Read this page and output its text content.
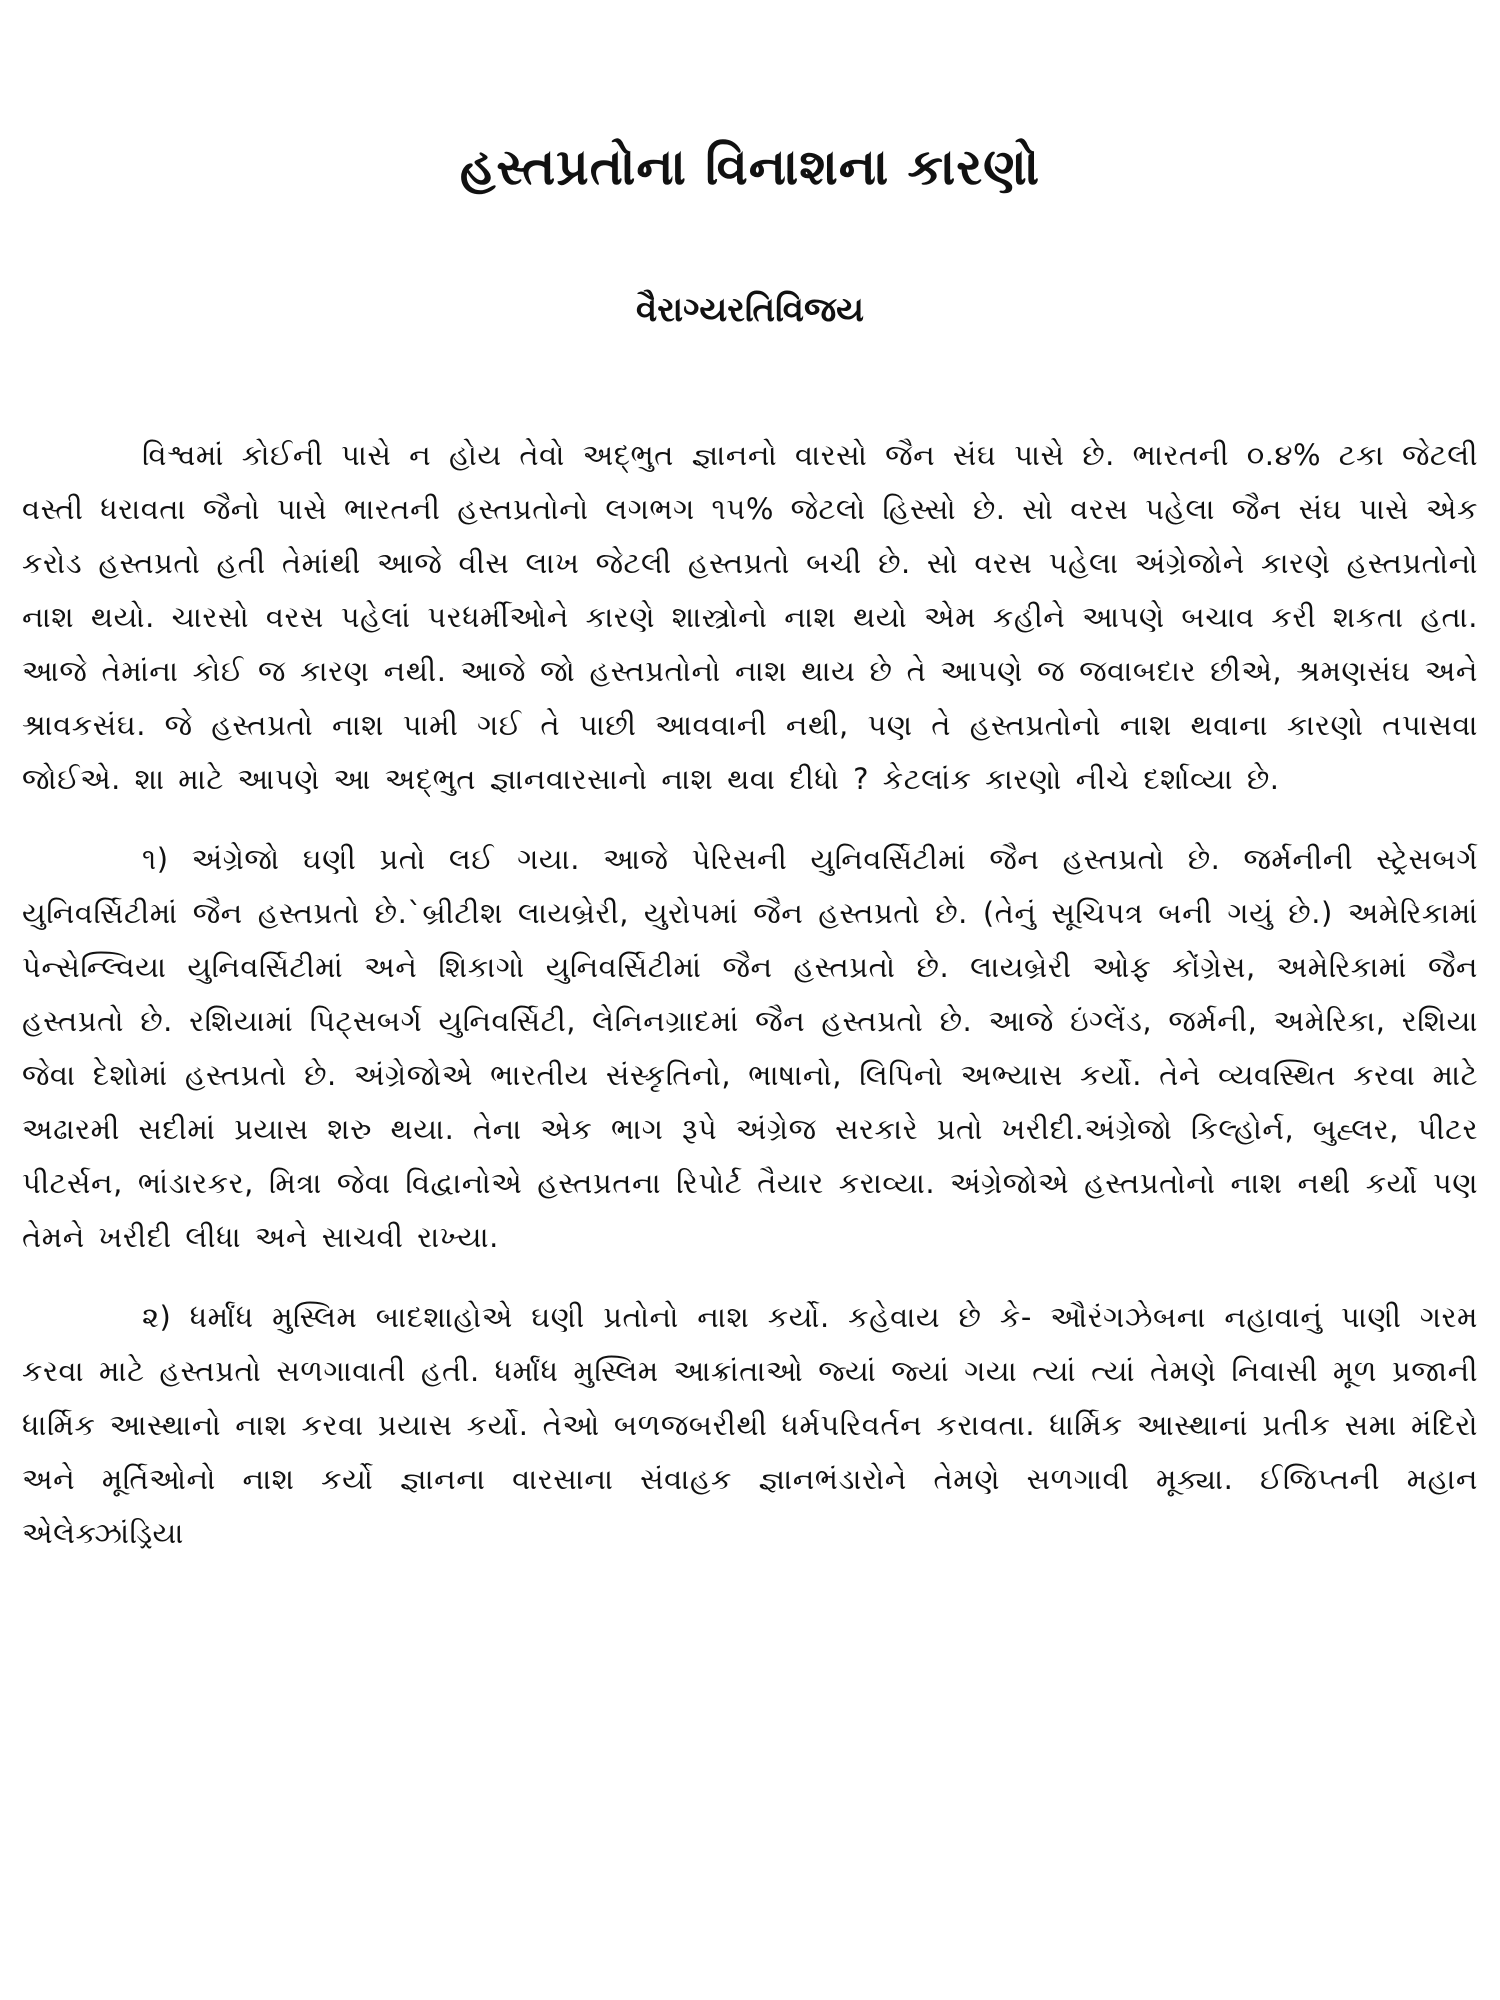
હસ્તપ્રતોના વિનાશના કારણો
વૈરાગ્યરતિવિજય

વિશ્વમાં કોઈની પાસે ન હોય તેવો અદ્ભુત જ્ઞાનનો વારસો જૈન સંઘ પાસે છે. ભારતની ૦.૪% ટકા જેટલી વસ્તી ધરાવતા જૈનો પાસે ભારતની હસ્તપ્રતોનો લગભગ ૧૫% જેટલો હિસ્સો છે. સો વરસ પહેલા જૈન સંઘ પાસે એક કરોડ હસ્તપ્રતો હતી તેમાંથી આજે વીસ લાખ જેટલી હસ્તપ્રતો બચી છે. સો વરસ પહેલા અંગ્રેજોને કારણે હસ્તપ્રતોનો નાશ થયો. ચારસો વરસ પહેલાં પરધર્મીઓને કારણે શાસ્ત્રોનો નાશ થયો એમ કહીને આપણે બચાવ કરી શકતા હતા. આજે તેમાંના કોઈ જ કારણ નથી. આજે જો હસ્તપ્રતોનો નાશ થાય છે તે આપણે જ જવાબદાર છીએ, શ્રમણસંઘ અને શ્રાવકસંઘ. જે હસ્તપ્રતો નાશ પામી ગઈ તે પાછી આવવાની નથી, પણ તે હસ્તપ્રતોનો નાશ થવાના કારણો તપાસવા જોઈએ. શા માટે આપણે આ અદ્ભુત જ્ઞાનવારસાનો નાશ થવા દીધો ? કેટલાંક કારણો નીચે દર્શાવ્યા છે.

૧) અંગ્રેજો ઘણી પ્રતો લઈ ગયા. આજે પેરિસની યુનિવર્સિટીમાં જૈન હસ્તપ્રતો છે. જર્મનીની સ્ટ્રેસબર્ગ યુનિવર્સિટીમાં જૈન હસ્તપ્રતો છે.`બ્રીટીશ લાયબ્રેરી, યુરોપમાં જૈન હસ્તપ્રતો છે. (તેનું સૂચિપત્ર બની ગયું છે.) અમેરિકામાં પેન્સેન્લ્વિયા યુનિવર્સિટીમાં અને શિકાગો યુનિવર્સિટીમાં જૈન હસ્તપ્રતો છે. લાયબ્રેરી ઓફ કોંગ્રેસ, અમેરિકામાં જૈન હસ્તપ્રતો છે. રશિયામાં પિટ્સબર્ગ યુનિવર્સિટી, લેનિનગ્રાદમાં જૈન હસ્તપ્રતો છે. આજે ઇંગ્લેંડ, જર્મની, અમેરિકા, રશિયા જેવા દેશોમાં હસ્તપ્રતો છે. અંગ્રેજોએ ભારતીય સંસ્કૃતિનો, ભાષાનો, લિપિનો અભ્યાસ કર્યો. તેને વ્યવસ્થિત કરવા માટે અઢારમી સદીમાં પ્રયાસ શરુ થયા. તેના એક ભાગ રૂપે અંગ્રેજ સરકારે પ્રતો ખરીદી.અંગ્રેજો કિલ્હોર્ન, બુહ્લર, પીટર પીટર્સન, ભાંડારકર, મિત્રા જેવા વિદ્વાનોએ હસ્તપ્રતના રિપોર્ટ તૈયાર કરાવ્યા. અંગ્રેજોએ હસ્તપ્રતોનો નાશ નથી કર્યો પણ તેમને ખરીદી લીધા અને સાચવી રાખ્યા.

૨) ધર્માંધ મુસ્લિમ બાદશાહોએ ઘણી પ્રતોનો નાશ કર્યો. કહેવાય છે કે- ઔરંગઝેબના નહાવાનું પાણી ગરમ કરવા માટે હસ્તપ્રતો સળગાવાતી હતી. ધર્માંધ મુસ્લિમ આક્રાંતાઓ જ્યાં જ્યાં ગયા ત્યાં ત્યાં તેમણે નિવાસી મૂળ પ્રજાની ધાર્મિક આસ્થાનો નાશ કરવા પ્રયાસ કર્યો. તેઓ બળજબરીથી ધર્મપરિવર્તન કરાવતા. ધાર્મિક આસ્થાનાં પ્રતીક સમા મંદિરો અને મૂર્તિઓનો નાશ કર્યો જ્ઞાનના વારસાના સંવાહક જ્ઞાનભંડારોને તેમણે સળગાવી મૂક્યા. ઈજિપ્તની મહાન એલેક્ઝાંડ્રિયા
